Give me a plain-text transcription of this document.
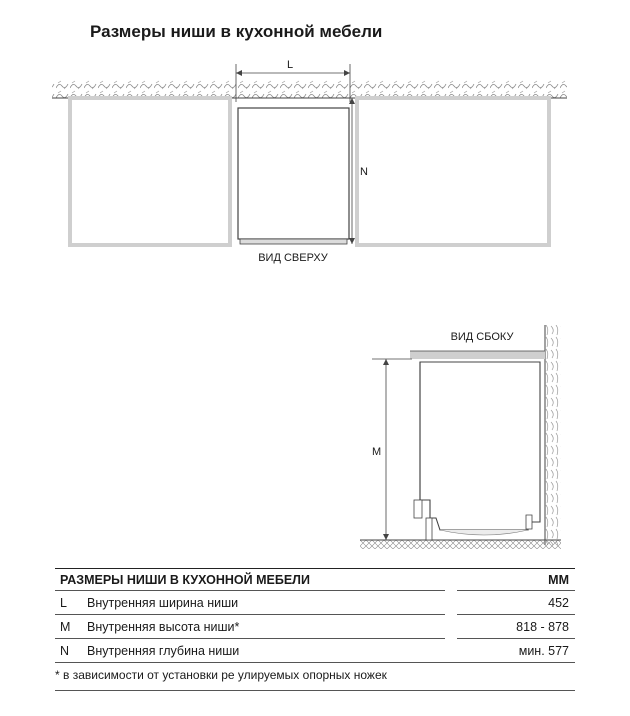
Размеры ниши в кухонной мебели
L
N
ВИД СВЕРХУ
M
ВИД СБОКУ
РАЗМЕРЫ НИШИ В КУХОННОЙ МЕБЕЛИ	ММ
L Внутренняя ширина ниши	452
M Внутренняя высота ниши*	818 - 878
N Внутренняя глубина ниши	мин. 577
* в зависимости от установки ре улируемых опорных ножек
